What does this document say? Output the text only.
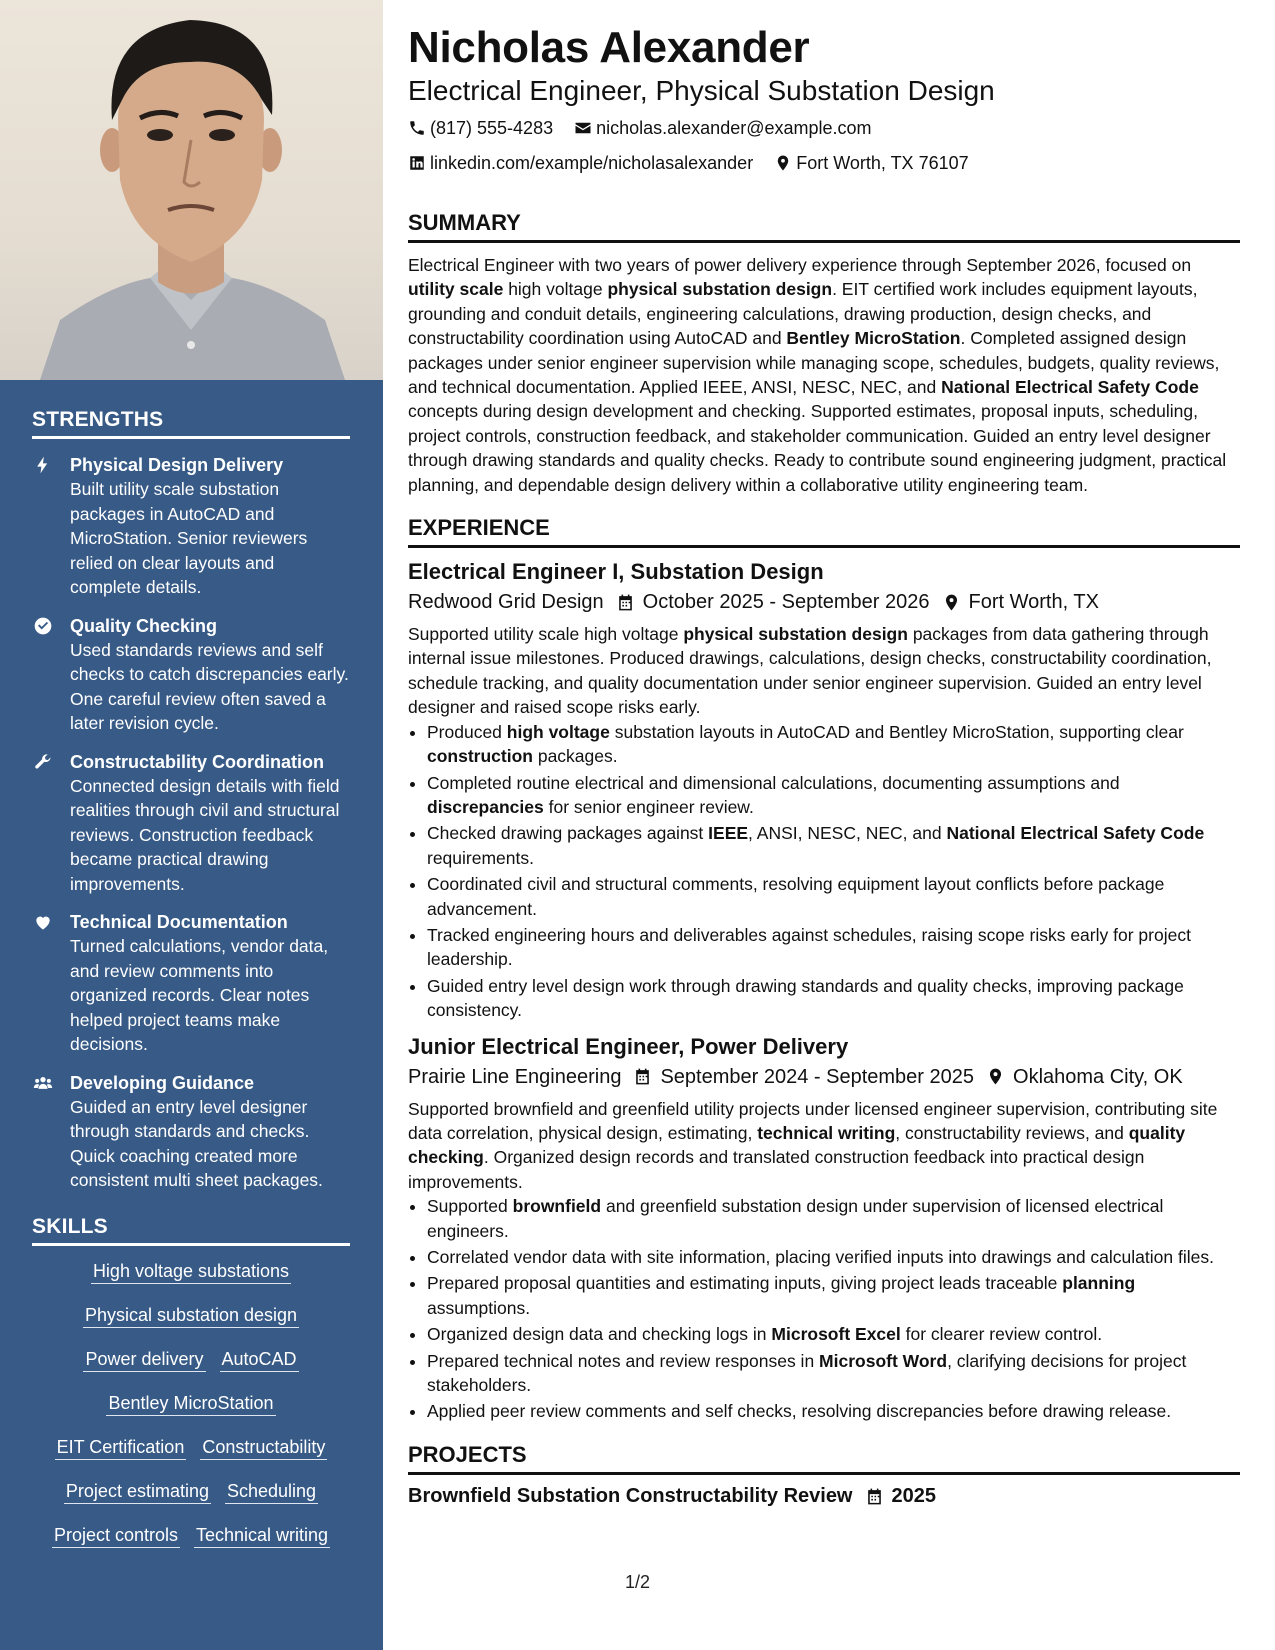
STRENGTHS
Physical Design Delivery
Built utility scale substation packages in AutoCAD and MicroStation. Senior reviewers relied on clear layouts and complete details.
Quality Checking
Used standards reviews and self checks to catch discrepancies early. One careful review often saved a later revision cycle.
Constructability Coordination
Connected design details with field realities through civil and structural reviews. Construction feedback became practical drawing improvements.
Technical Documentation
Turned calculations, vendor data, and review comments into organized records. Clear notes helped project teams make decisions.
Developing Guidance
Guided an entry level designer through standards and checks. Quick coaching created more consistent multi sheet packages.
SKILLS
High voltage substations
Physical substation design
Power delivery AutoCAD
Bentley MicroStation
EIT Certification Constructability
Project estimating Scheduling
Project controls Technical writing
Nicholas Alexander
Electrical Engineer, Physical Substation Design
(817) 555-4283
nicholas.alexander@example.com
linkedin.com/example/nicholasalexander
Fort Worth, TX 76107
SUMMARY
Electrical Engineer with two years of power delivery experience through September 2026, focused on utility scale high voltage physical substation design. EIT certified work includes equipment layouts, grounding and conduit details, engineering calculations, drawing production, design checks, and constructability coordination using AutoCAD and Bentley MicroStation. Completed assigned design packages under senior engineer supervision while managing scope, schedules, budgets, quality reviews, and technical documentation. Applied IEEE, ANSI, NESC, NEC, and National Electrical Safety Code concepts during design development and checking. Supported estimates, proposal inputs, scheduling, project controls, construction feedback, and stakeholder communication. Guided an entry level designer through drawing standards and quality checks. Ready to contribute sound engineering judgment, practical planning, and dependable design delivery within a collaborative utility engineering team.
EXPERIENCE
Electrical Engineer I, Substation Design
Redwood Grid Design October 2025 - September 2026 Fort Worth, TX
Supported utility scale high voltage physical substation design packages from data gathering through internal issue milestones. Produced drawings, calculations, design checks, constructability coordination, schedule tracking, and quality documentation under senior engineer supervision. Guided an entry level designer and raised scope risks early.
• Produced high voltage substation layouts in AutoCAD and Bentley MicroStation, supporting clear construction packages.
• Completed routine electrical and dimensional calculations, documenting assumptions and discrepancies for senior engineer review.
• Checked drawing packages against IEEE, ANSI, NESC, NEC, and National Electrical Safety Code requirements.
• Coordinated civil and structural comments, resolving equipment layout conflicts before package advancement.
• Tracked engineering hours and deliverables against schedules, raising scope risks early for project leadership.
• Guided entry level design work through drawing standards and quality checks, improving package consistency.
Junior Electrical Engineer, Power Delivery
Prairie Line Engineering September 2024 - September 2025 Oklahoma City, OK
Supported brownfield and greenfield utility projects under licensed engineer supervision, contributing site data correlation, physical design, estimating, technical writing, constructability reviews, and quality checking. Organized design records and translated construction feedback into practical design improvements.
• Supported brownfield and greenfield substation design under supervision of licensed electrical engineers.
• Correlated vendor data with site information, placing verified inputs into drawings and calculation files.
• Prepared proposal quantities and estimating inputs, giving project leads traceable planning assumptions.
• Organized design data and checking logs in Microsoft Excel for clearer review control.
• Prepared technical notes and review responses in Microsoft Word, clarifying decisions for project stakeholders.
• Applied peer review comments and self checks, resolving discrepancies before drawing release.
PROJECTS
Brownfield Substation Constructability Review 2025
1/2
